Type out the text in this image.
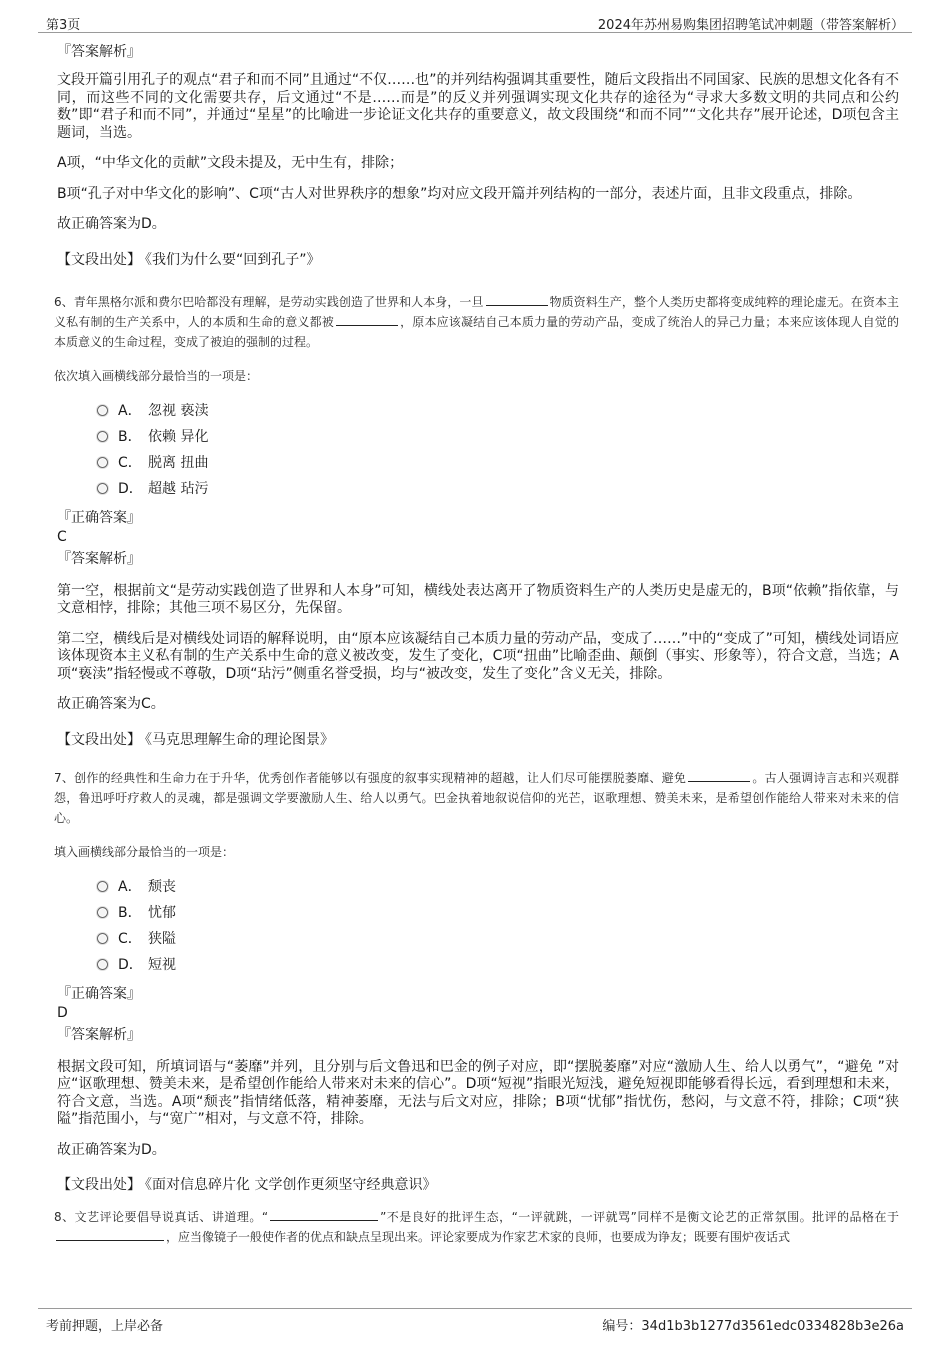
第3页	2024年苏州易购集团招聘笔试冲刺题（带答案解析）

『答案解析』

文段开篇引用孔子的观点“君子和而不同”且通过“不仅……也”的并列结构强调其重要性，随后文段指出不同国家、民族的思想文化各有不同，而这些不同的文化需要共存，后文通过“不是……而是”的反义并列强调实现文化共存的途径为“寻求大多数文明的共同点和公约数”即“君子和而不同”，并通过“星星”的比喻进一步论证文化共存的重要意义，故文段围绕“和而不同”“文化共存”展开论述，D项包含主题词，当选。

A项，“中华文化的贡献”文段未提及，无中生有，排除；

B项“孔子对中华文化的影响”、C项“古人对世界秩序的想象”均对应文段开篇并列结构的一部分，表述片面，且非文段重点，排除。

故正确答案为D。

【文段出处】 《我们为什么要“回到孔子”》

6、青年黑格尔派和费尔巴哈都没有理解，是劳动实践创造了世界和人本身，一旦	物质资料生产，整个人类历史都将变成纯粹的理论虚无。在资本主义私有制的生产关系中，人的本质和生命的意义都被	，原本应该凝结自己本质力量的劳动产品，变成了统治人的异己力量；本来应该体现人自觉的本质意义的生命过程，变成了被迫的强制的过程。

依次填入画横线部分最恰当的一项是：

A． 忽视 亵渎
B． 依赖 异化
C． 脱离 扭曲
D． 超越 玷污

『正确答案』

C

『答案解析』

第一空，根据前文“是劳动实践创造了世界和人本身”可知，横线处表达离开了物质资料生产的人类历史是虚无的，B项“依赖”指依靠，与文意相悖，排除；其他三项不易区分，先保留。

第二空，横线后是对横线处词语的解释说明，由“原本应该凝结自己本质力量的劳动产品，变成了……”中的“变成了”可知，横线处词语应该体现资本主义私有制的生产关系中生命的意义被改变，发生了变化，C项“扭曲”比喻歪曲、颠倒（事实、形象等），符合文意，当选；A项“亵渎”指轻慢或不尊敬，D项“玷污”侧重名誉受损，均与“被改变，发生了变化”含义无关，排除。

故正确答案为C。

【文段出处】 《马克思理解生命的理论图景》

7、创作的经典性和生命力在于升华，优秀创作者能够以有强度的叙事实现精神的超越，让人们尽可能摆脱萎靡、避免	。古人强调诗言志和兴观群怨，鲁迅呼吁疗救人的灵魂，都是强调文学要激励人生、给人以勇气。巴金执着地叙说信仰的光芒，讴歌理想、赞美未来，是希望创作能给人带来对未来的信心。

填入画横线部分最恰当的一项是：

A． 颓丧
B． 忧郁
C． 狭隘
D． 短视

『正确答案』

D

『答案解析』

根据文段可知，所填词语与“萎靡”并列，且分别与后文鲁迅和巴金的例子对应，即“摆脱萎靡”对应“激励人生、给人以勇气”，“避免 ”对应“讴歌理想、赞美未来，是希望创作能给人带来对未来的信心”。D项“短视”指眼光短浅，避免短视即能够看得长远，看到理想和未来，符合文意，当选。A项“颓丧”指情绪低落，精神萎靡，无法与后文对应，排除；B项“忧郁”指忧伤，愁闷，与文意不符，排除；C项“狭隘”指范围小，与“宽广”相对，与文意不符，排除。

故正确答案为D。

【文段出处】 《面对信息碎片化 文学创作更须坚守经典意识》

8、文艺评论要倡导说真话、讲道理。“	”不是良好的批评生态，“一评就跳，一评就骂”同样不是衡文论艺的正常氛围。批评的品格在于，应当像镜子一般使作者的优点和缺点呈现出来。评论家要成为作家艺术家的良师，也要成为诤友；既要有围炉夜话式

考前押题，上岸必备	编号：34d1b3b1277d3561edc0334828b3e26a
